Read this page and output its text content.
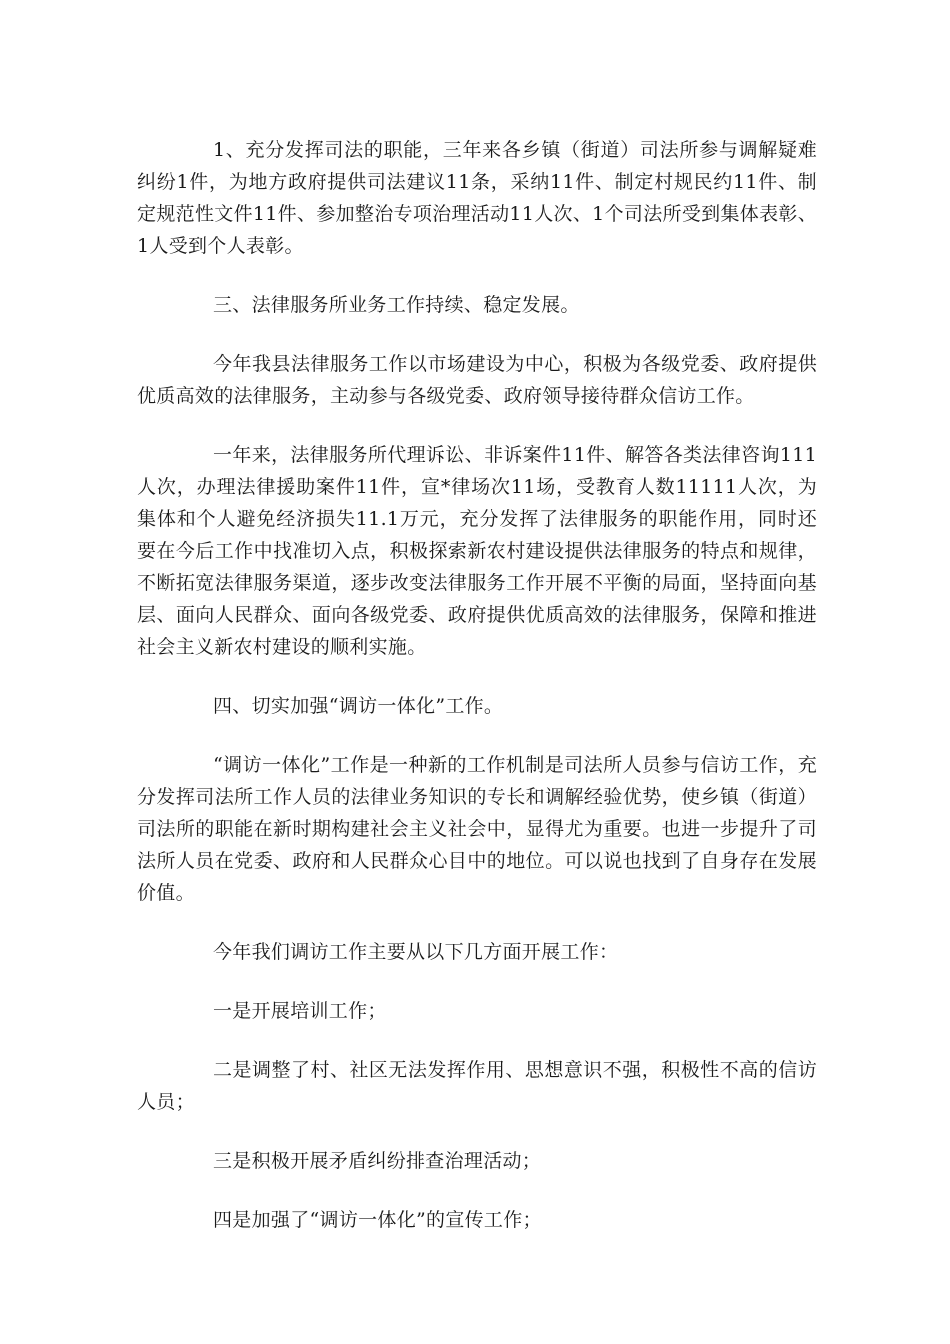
1、充分发挥司法的职能，三年来各乡镇（街道）司法所参与调解疑难纠纷1件，为地方政府提供司法建议11条，采纳11件、制定村规民约11件、制定规范性文件11件、参加整治专项治理活动11人次、1个司法所受到集体表彰、1人受到个人表彰。

三、法律服务所业务工作持续、稳定发展。

今年我县法律服务工作以市场建设为中心，积极为各级党委、政府提供优质高效的法律服务，主动参与各级党委、政府领导接待群众信访工作。

一年来，法律服务所代理诉讼、非诉案件11件、解答各类法律咨询111人次，办理法律援助案件11件，宣*律场次11场，受教育人数11111人次，为集体和个人避免经济损失11.1万元，充分发挥了法律服务的职能作用，同时还要在今后工作中找准切入点，积极探索新农村建设提供法律服务的特点和规律，不断拓宽法律服务渠道，逐步改变法律服务工作开展不平衡的局面，坚持面向基层、面向人民群众、面向各级党委、政府提供优质高效的法律服务，保障和推进社会主义新农村建设的顺利实施。

四、切实加强“调访一体化”工作。

“调访一体化”工作是一种新的工作机制是司法所人员参与信访工作，充分发挥司法所工作人员的法律业务知识的专长和调解经验优势，使乡镇（街道）司法所的职能在新时期构建社会主义社会中，显得尤为重要。也进一步提升了司法所人员在党委、政府和人民群众心目中的地位。可以说也找到了自身存在发展价值。

今年我们调访工作主要从以下几方面开展工作：

一是开展培训工作；

二是调整了村、社区无法发挥作用、思想意识不强，积极性不高的信访人员；

三是积极开展矛盾纠纷排查治理活动；

四是加强了“调访一体化”的宣传工作；
